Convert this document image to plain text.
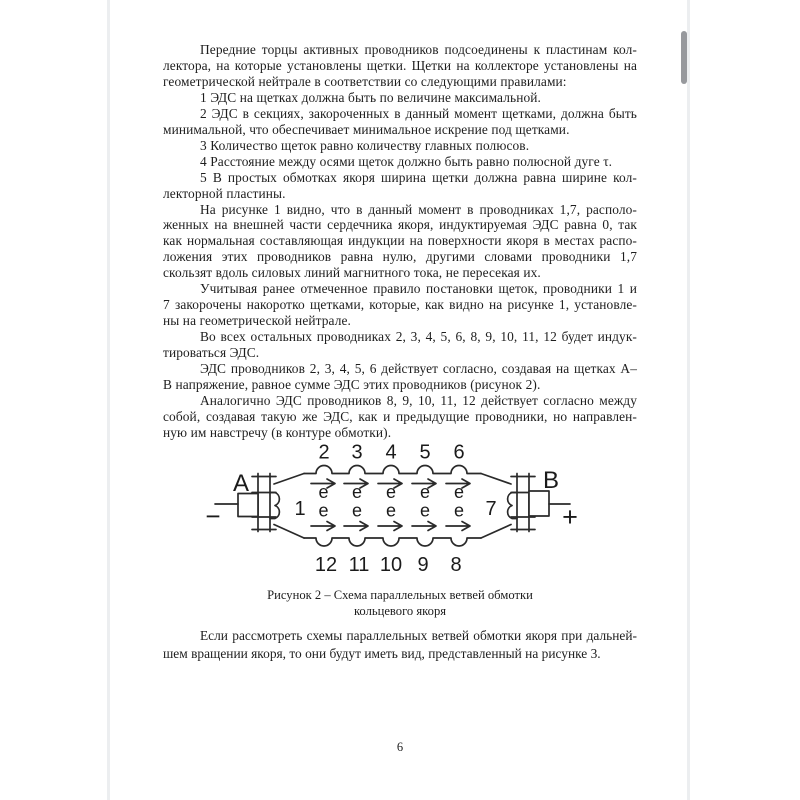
Передние торцы активных проводников подсоединены к пластинам кол-
лектора, на которые установлены щетки. Щетки на коллекторе установлены на
геометрической нейтрале в соответствии со следующими правилами:
1 ЭДС на щетках должна быть по величине максимальной.
2 ЭДС в секциях, закороченных в данный момент щетками, должна быть
минимальной, что обеспечивает минимальное искрение под щетками.
3 Количество щеток равно количеству главных полюсов.
4 Расстояние между осями щеток должно быть равно полюсной дуге τ.
5 В простых обмотках якоря ширина щетки должна равна ширине кол-
лекторной пластины.
На рисунке 1 видно, что в данный момент в проводниках 1,7, располо-
женных на внешней части сердечника якоря, индуктируемая ЭДС равна 0, так
как нормальная составляющая индукции на поверхности якоря в местах распо-
ложения этих проводников равна нулю, другими словами проводники 1,7
скользят вдоль силовых линий магнитного тока, не пересекая их.
Учитывая ранее отмеченное правило постановки щеток, проводники 1 и
7 закорочены накоротко щетками, которые, как видно на рисунке 1, установле-
ны на геометрической нейтрале.
Во всех остальных проводниках 2, 3, 4, 5, 6, 8, 9, 10, 11, 12 будет индук-
тироваться ЭДС.
ЭДС проводников 2, 3, 4, 5, 6 действует согласно, создавая на щетках А–
В напряжение, равное сумме ЭДС этих проводников (рисунок 2).
Аналогично ЭДС проводников 8, 9, 10, 11, 12 действует согласно между
собой, создавая такую же ЭДС, как и предыдущие проводники, но направлен-
ную им навстречу (в контуре обмотки).
A	B
−	+
1	7
2 3 4 5 6
12 11 10 9 8
e e e e e
e e e e e
Рисунок 2 – Схема параллельных ветвей обмотки
кольцевого якоря
Если рассмотреть схемы параллельных ветвей обмотки якоря при дальней-
шем вращении якоря, то они будут иметь вид, представленный на рисунке 3.
6
